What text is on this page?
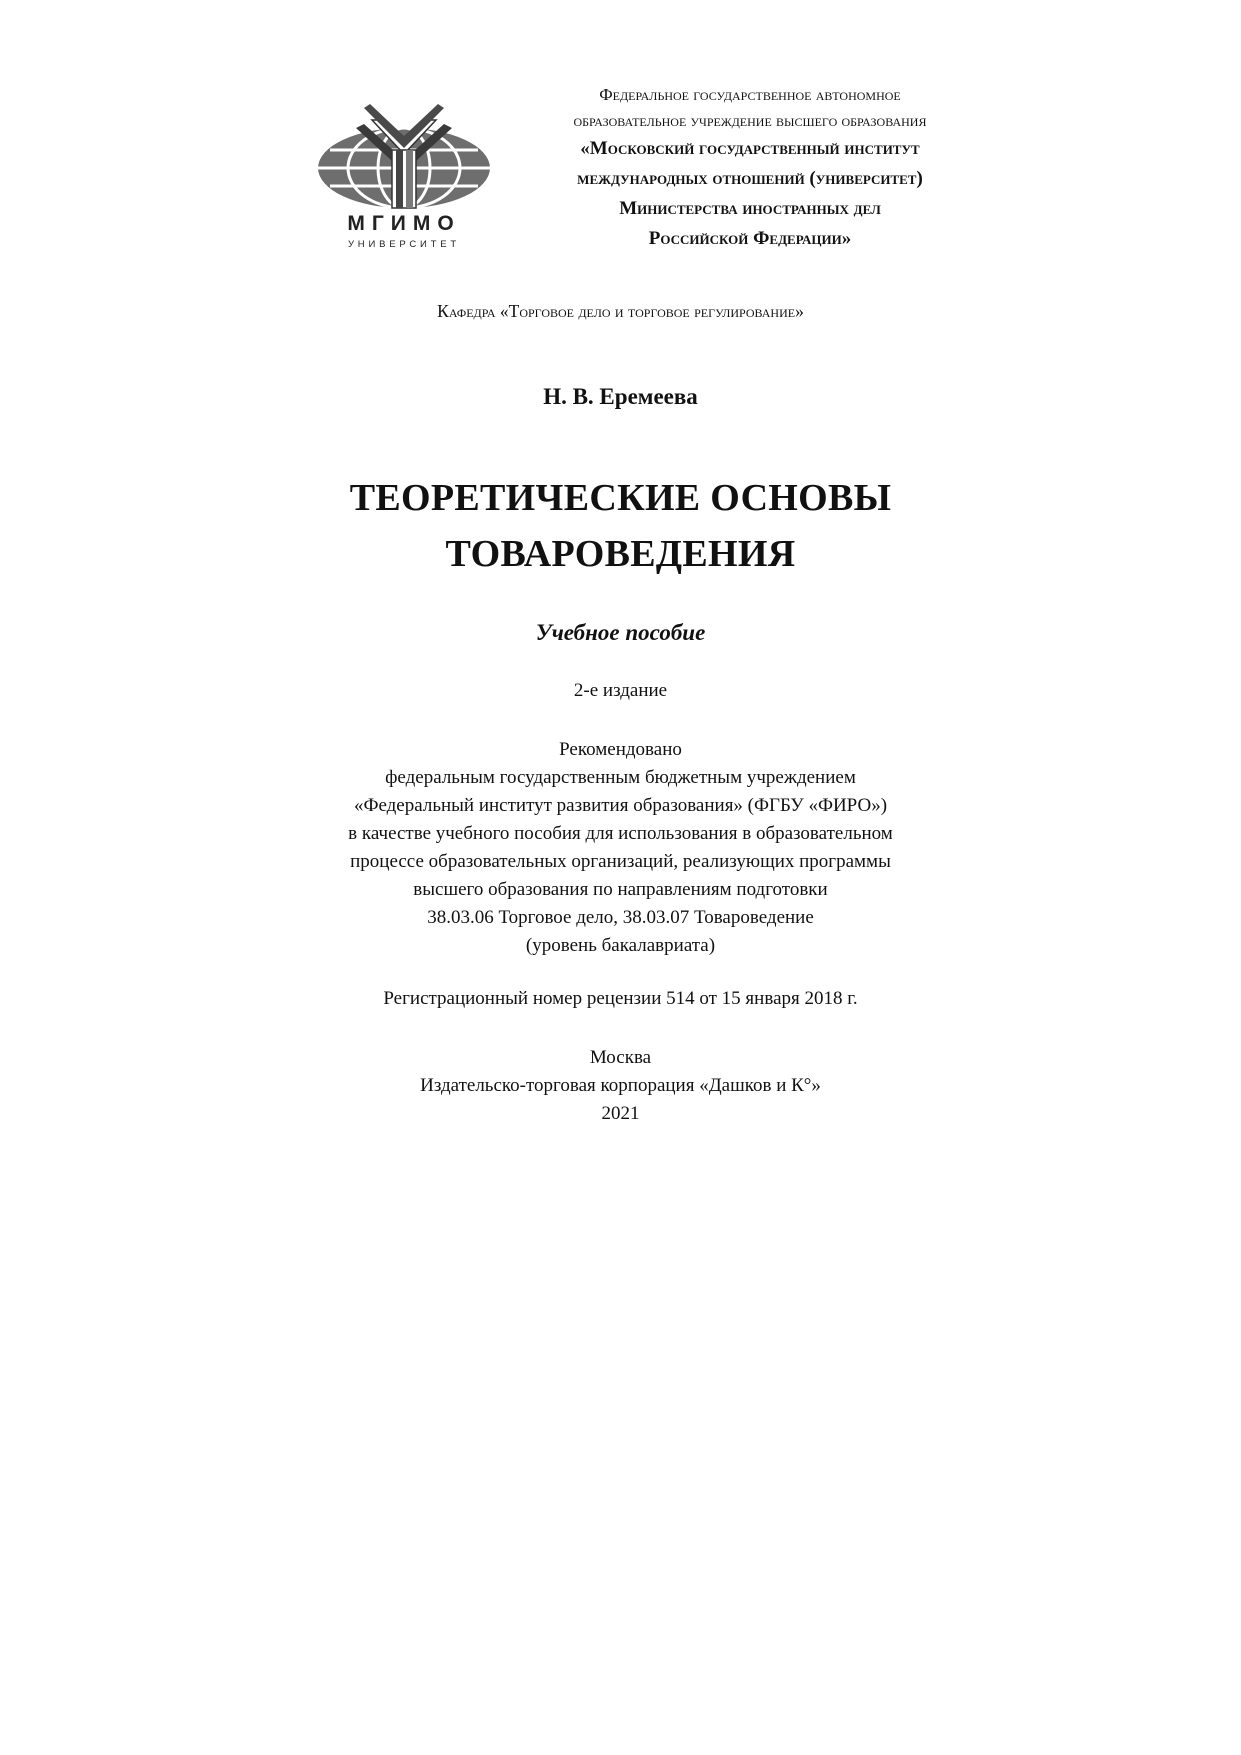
МГИМО
УНИВЕРСИТЕТ
Федеральное государственное автономное
образовательное учреждение высшего образования
«Московский государственный институт
международных отношений (университет)
Министерства иностранных дел
Российской Федерации»
Кафедра «Торговое дело и торговое регулирование»
Н. В. Еремеева
ТЕОРЕТИЧЕСКИЕ ОСНОВЫ
ТОВАРОВЕДЕНИЯ
Учебное пособие
2-е издание
Рекомендовано
федеральным государственным бюджетным учреждением
«Федеральный институт развития образования» (ФГБУ «ФИРО»)
в качестве учебного пособия для использования в образовательном
процессе образовательных организаций, реализующих программы
высшего образования по направлениям подготовки
38.03.06 Торговое дело, 38.03.07 Товароведение
(уровень бакалавриата)
Регистрационный номер рецензии 514 от 15 января 2018 г.
Москва
Издательско-торговая корпорация «Дашков и К°»
2021
